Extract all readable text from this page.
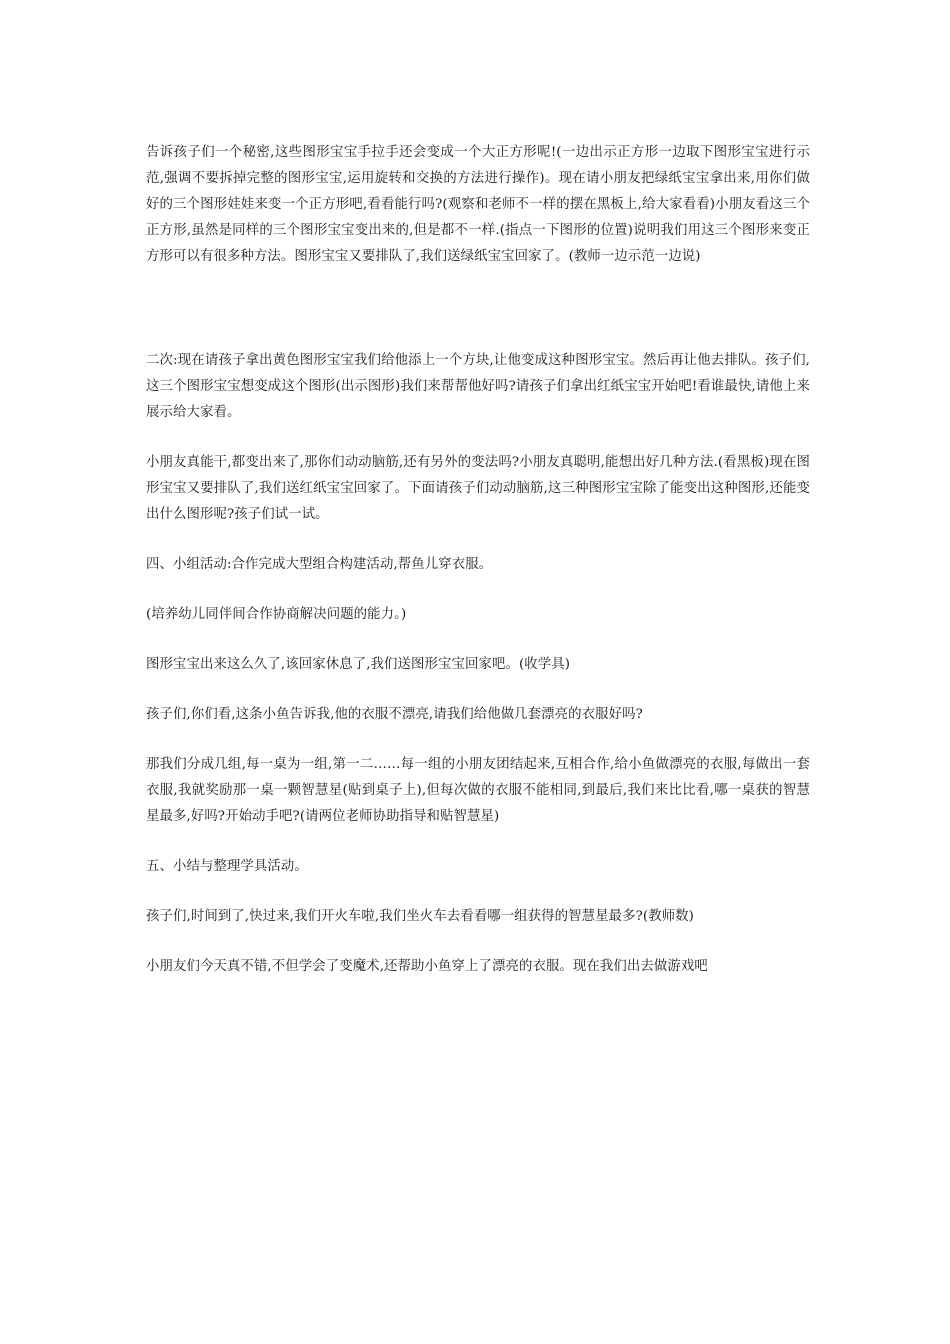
告诉孩子们一个秘密,这些图形宝宝手拉手还会变成一个大正方形呢!(一边出示正方形一边取下图形宝宝进行示范,强调不要拆掉完整的图形宝宝,运用旋转和交换的方法进行操作)。现在请小朋友把绿纸宝宝拿出来,用你们做好的三个图形娃娃来变一个正方形吧,看看能行吗?(观察和老师不一样的摆在黑板上,给大家看看)小朋友看这三个正方形,虽然是同样的三个图形宝宝变出来的,但是都不一样.(指点一下图形的位置)说明我们用这三个图形来变正方形可以有很多种方法。图形宝宝又要排队了,我们送绿纸宝宝回家了。(教师一边示范一边说)

二次:现在请孩子拿出黄色图形宝宝我们给他添上一个方块,让他变成这种图形宝宝。然后再让他去排队。孩子们,这三个图形宝宝想变成这个图形(出示图形)我们来帮帮他好吗?请孩子们拿出红纸宝宝开始吧!看谁最快,请他上来展示给大家看。

小朋友真能干,都变出来了,那你们动动脑筋,还有另外的变法吗?小朋友真聪明,能想出好几种方法.(看黑板)现在图形宝宝又要排队了,我们送红纸宝宝回家了。下面请孩子们动动脑筋,这三种图形宝宝除了能变出这种图形,还能变出什么图形呢?孩子们试一试。

四、小组活动:合作完成大型组合构建活动,帮鱼儿穿衣服。

(培养幼儿同伴间合作协商解决问题的能力。)

图形宝宝出来这么久了,该回家休息了,我们送图形宝宝回家吧。(收学具)

孩子们,你们看,这条小鱼告诉我,他的衣服不漂亮,请我们给他做几套漂亮的衣服好吗?

那我们分成几组,每一桌为一组,第一二……每一组的小朋友团结起来,互相合作,给小鱼做漂亮的衣服,每做出一套衣服,我就奖励那一桌一颗智慧星(贴到桌子上),但每次做的衣服不能相同,到最后,我们来比比看,哪一桌获的智慧星最多,好吗?开始动手吧?(请两位老师协助指导和贴智慧星)

五、小结与整理学具活动。

孩子们,时间到了,快过来,我们开火车啦,我们坐火车去看看哪一组获得的智慧星最多?(教师数)

小朋友们今天真不错,不但学会了变魔术,还帮助小鱼穿上了漂亮的衣服。现在我们出去做游戏吧
